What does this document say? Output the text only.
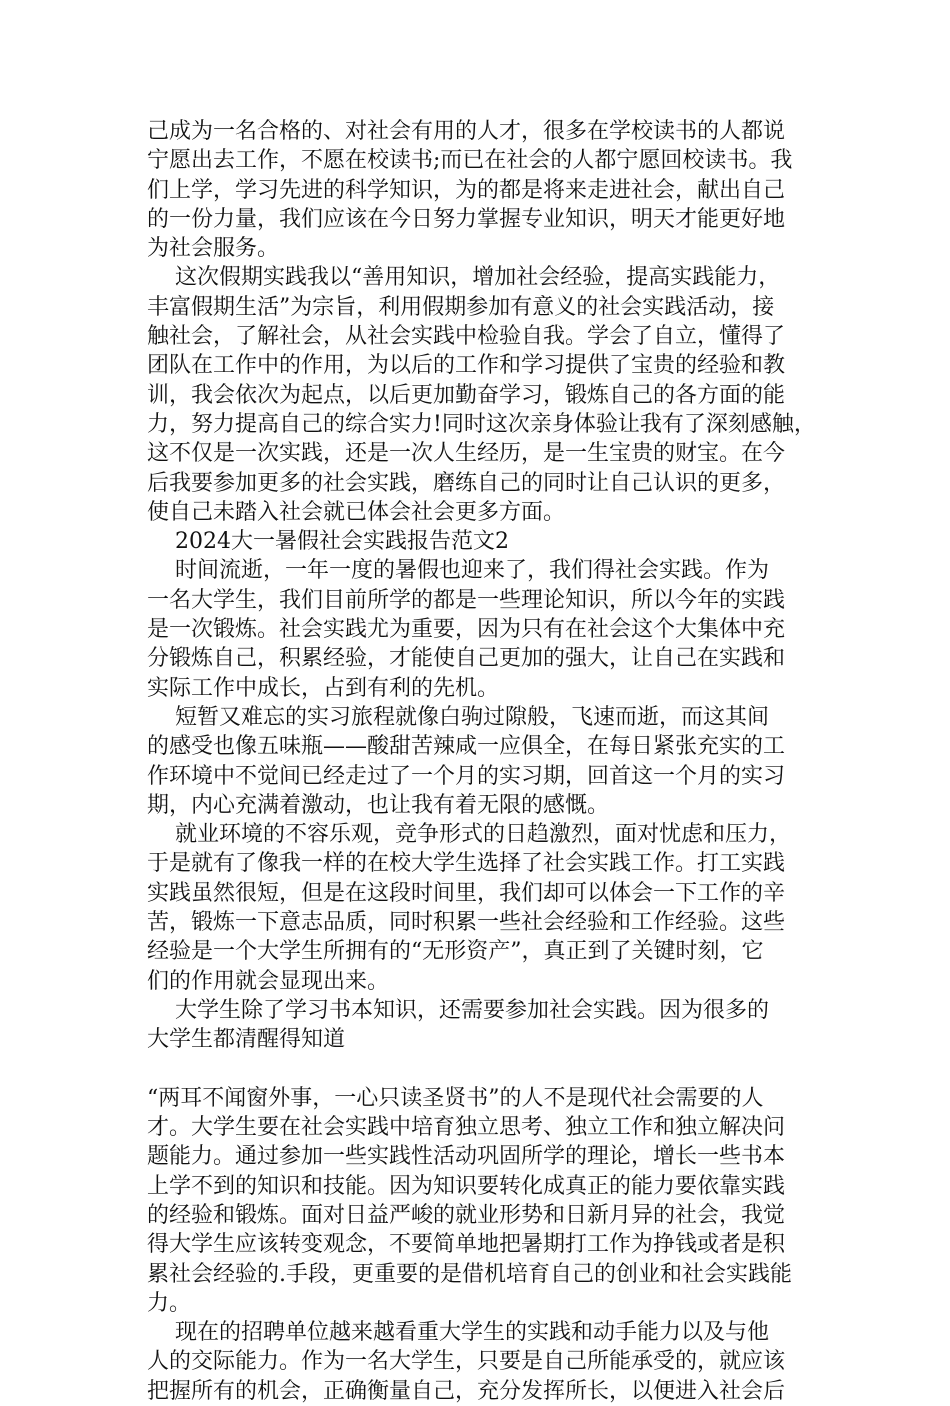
己成为一名合格的、对社会有用的人才，很多在学校读书的人都说
宁愿出去工作，不愿在校读书;而已在社会的人都宁愿回校读书。我
们上学，学习先进的科学知识，为的都是将来走进社会，献出自己
的一份力量，我们应该在今日努力掌握专业知识，明天才能更好地
为社会服务。
这次假期实践我以“善用知识，增加社会经验，提高实践能力，
丰富假期生活”为宗旨，利用假期参加有意义的社会实践活动，接
触社会，了解社会，从社会实践中检验自我。学会了自立，懂得了
团队在工作中的作用，为以后的工作和学习提供了宝贵的经验和教
训，我会依次为起点，以后更加勤奋学习，锻炼自己的各方面的能
力，努力提高自己的综合实力!同时这次亲身体验让我有了深刻感触，
这不仅是一次实践，还是一次人生经历，是一生宝贵的财宝。在今
后我要参加更多的社会实践，磨练自己的同时让自己认识的更多，
使自己未踏入社会就已体会社会更多方面。
2024大一暑假社会实践报告范文2
时间流逝，一年一度的暑假也迎来了，我们得社会实践。作为
一名大学生，我们目前所学的都是一些理论知识，所以今年的实践
是一次锻炼。社会实践尤为重要，因为只有在社会这个大集体中充
分锻炼自己，积累经验，才能使自己更加的强大，让自己在实践和
实际工作中成长，占到有利的先机。
短暂又难忘的实习旅程就像白驹过隙般，飞速而逝，而这其间
的感受也像五味瓶——酸甜苦辣咸一应俱全，在每日紧张充实的工
作环境中不觉间已经走过了一个月的实习期，回首这一个月的实习
期，内心充满着激动，也让我有着无限的感慨。
就业环境的不容乐观，竞争形式的日趋激烈，面对忧虑和压力，
于是就有了像我一样的在校大学生选择了社会实践工作。打工实践
实践虽然很短，但是在这段时间里，我们却可以体会一下工作的辛
苦，锻炼一下意志品质，同时积累一些社会经验和工作经验。这些
经验是一个大学生所拥有的“无形资产”，真正到了关键时刻，它
们的作用就会显现出来。
大学生除了学习书本知识，还需要参加社会实践。因为很多的
大学生都清醒得知道
“两耳不闻窗外事，一心只读圣贤书”的人不是现代社会需要的人
才。大学生要在社会实践中培育独立思考、独立工作和独立解决问
题能力。通过参加一些实践性活动巩固所学的理论，增长一些书本
上学不到的知识和技能。因为知识要转化成真正的能力要依靠实践
的经验和锻炼。面对日益严峻的就业形势和日新月异的社会，我觉
得大学生应该转变观念，不要简单地把暑期打工作为挣钱或者是积
累社会经验的.手段，更重要的是借机培育自己的创业和社会实践能
力。
现在的招聘单位越来越看重大学生的实践和动手能力以及与他
人的交际能力。作为一名大学生，只要是自己所能承受的，就应该
把握所有的机会，正确衡量自己，充分发挥所长，以便进入社会后
